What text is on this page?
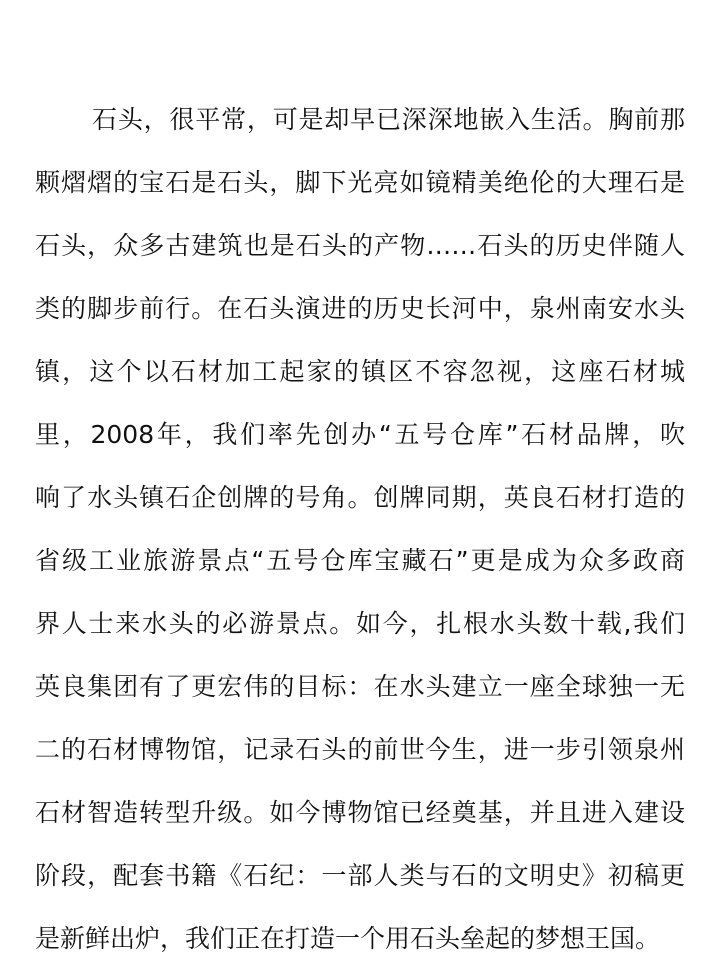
石头，很平常，可是却早已深深地嵌入生活。胸前那
颗熠熠的宝石是石头，脚下光亮如镜精美绝伦的大理石是
石头，众多古建筑也是石头的产物……石头的历史伴随人
类的脚步前行。在石头演进的历史长河中，泉州南安水头
镇，这个以石材加工起家的镇区不容忽视，这座石材城
里，2008年，我们率先创办“五号仓库”石材品牌，吹
响了水头镇石企创牌的号角。创牌同期，英良石材打造的
省级工业旅游景点“五号仓库宝藏石”更是成为众多政商
界人士来水头的必游景点。如今，扎根水头数十载,我们
英良集团有了更宏伟的目标：在水头建立一座全球独一无
二的石材博物馆，记录石头的前世今生，进一步引领泉州
石材智造转型升级。如今博物馆已经奠基，并且进入建设
阶段，配套书籍《石纪：一部人类与石的文明史》初稿更
是新鲜出炉，我们正在打造一个用石头垒起的梦想王国。
